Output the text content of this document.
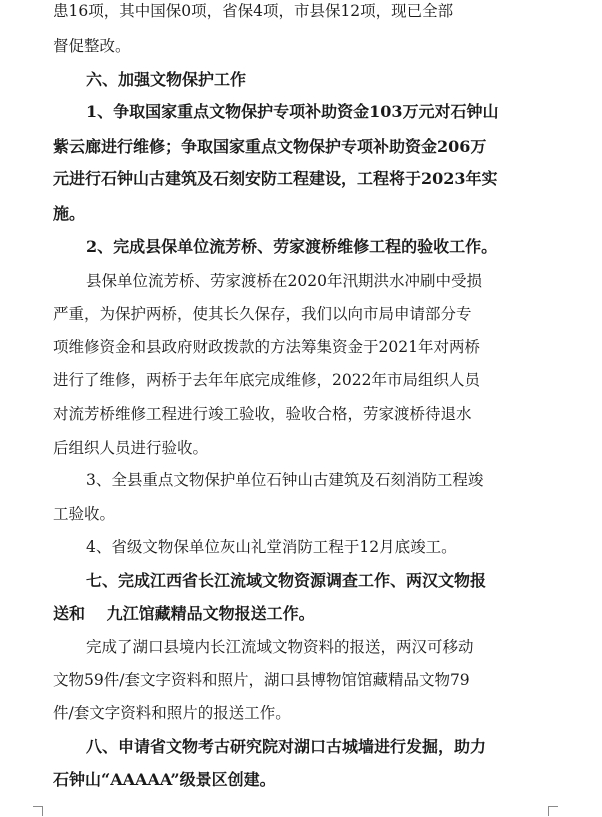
患16项，其中国保0项，省保4项，市县保12项，现已全部
督促整改。
六、加强文物保护工作
1、争取国家重点文物保护专项补助资金103万元对石钟山
紫云廊进行维修；争取国家重点文物保护专项补助资金206万
元进行石钟山古建筑及石刻安防工程建设，工程将于2023年实
施。
2、完成县保单位流芳桥、劳家渡桥维修工程的验收工作。
县保单位流芳桥、劳家渡桥在2020年汛期洪水冲刷中受损
严重，为保护两桥，使其长久保存，我们以向市局申请部分专
项维修资金和县政府财政拨款的方法筹集资金于2021年对两桥
进行了维修，两桥于去年年底完成维修，2022年市局组织人员
对流芳桥维修工程进行竣工验收，验收合格，劳家渡桥待退水
后组织人员进行验收。
3、全县重点文物保护单位石钟山古建筑及石刻消防工程竣
工验收。
4、省级文物保单位灰山礼堂消防工程于12月底竣工。
七、完成江西省长江流域文物资源调查工作、两汉文物报
送和 　九江馆藏精品文物报送工作。
完成了湖口县境内长江流域文物资料的报送，两汉可移动
文物59件/套文字资料和照片，湖口县博物馆馆藏精品文物79
件/套文字资料和照片的报送工作。
八、申请省文物考古研究院对湖口古城墙进行发掘，助力
石钟山“AAAAA”级景区创建。
